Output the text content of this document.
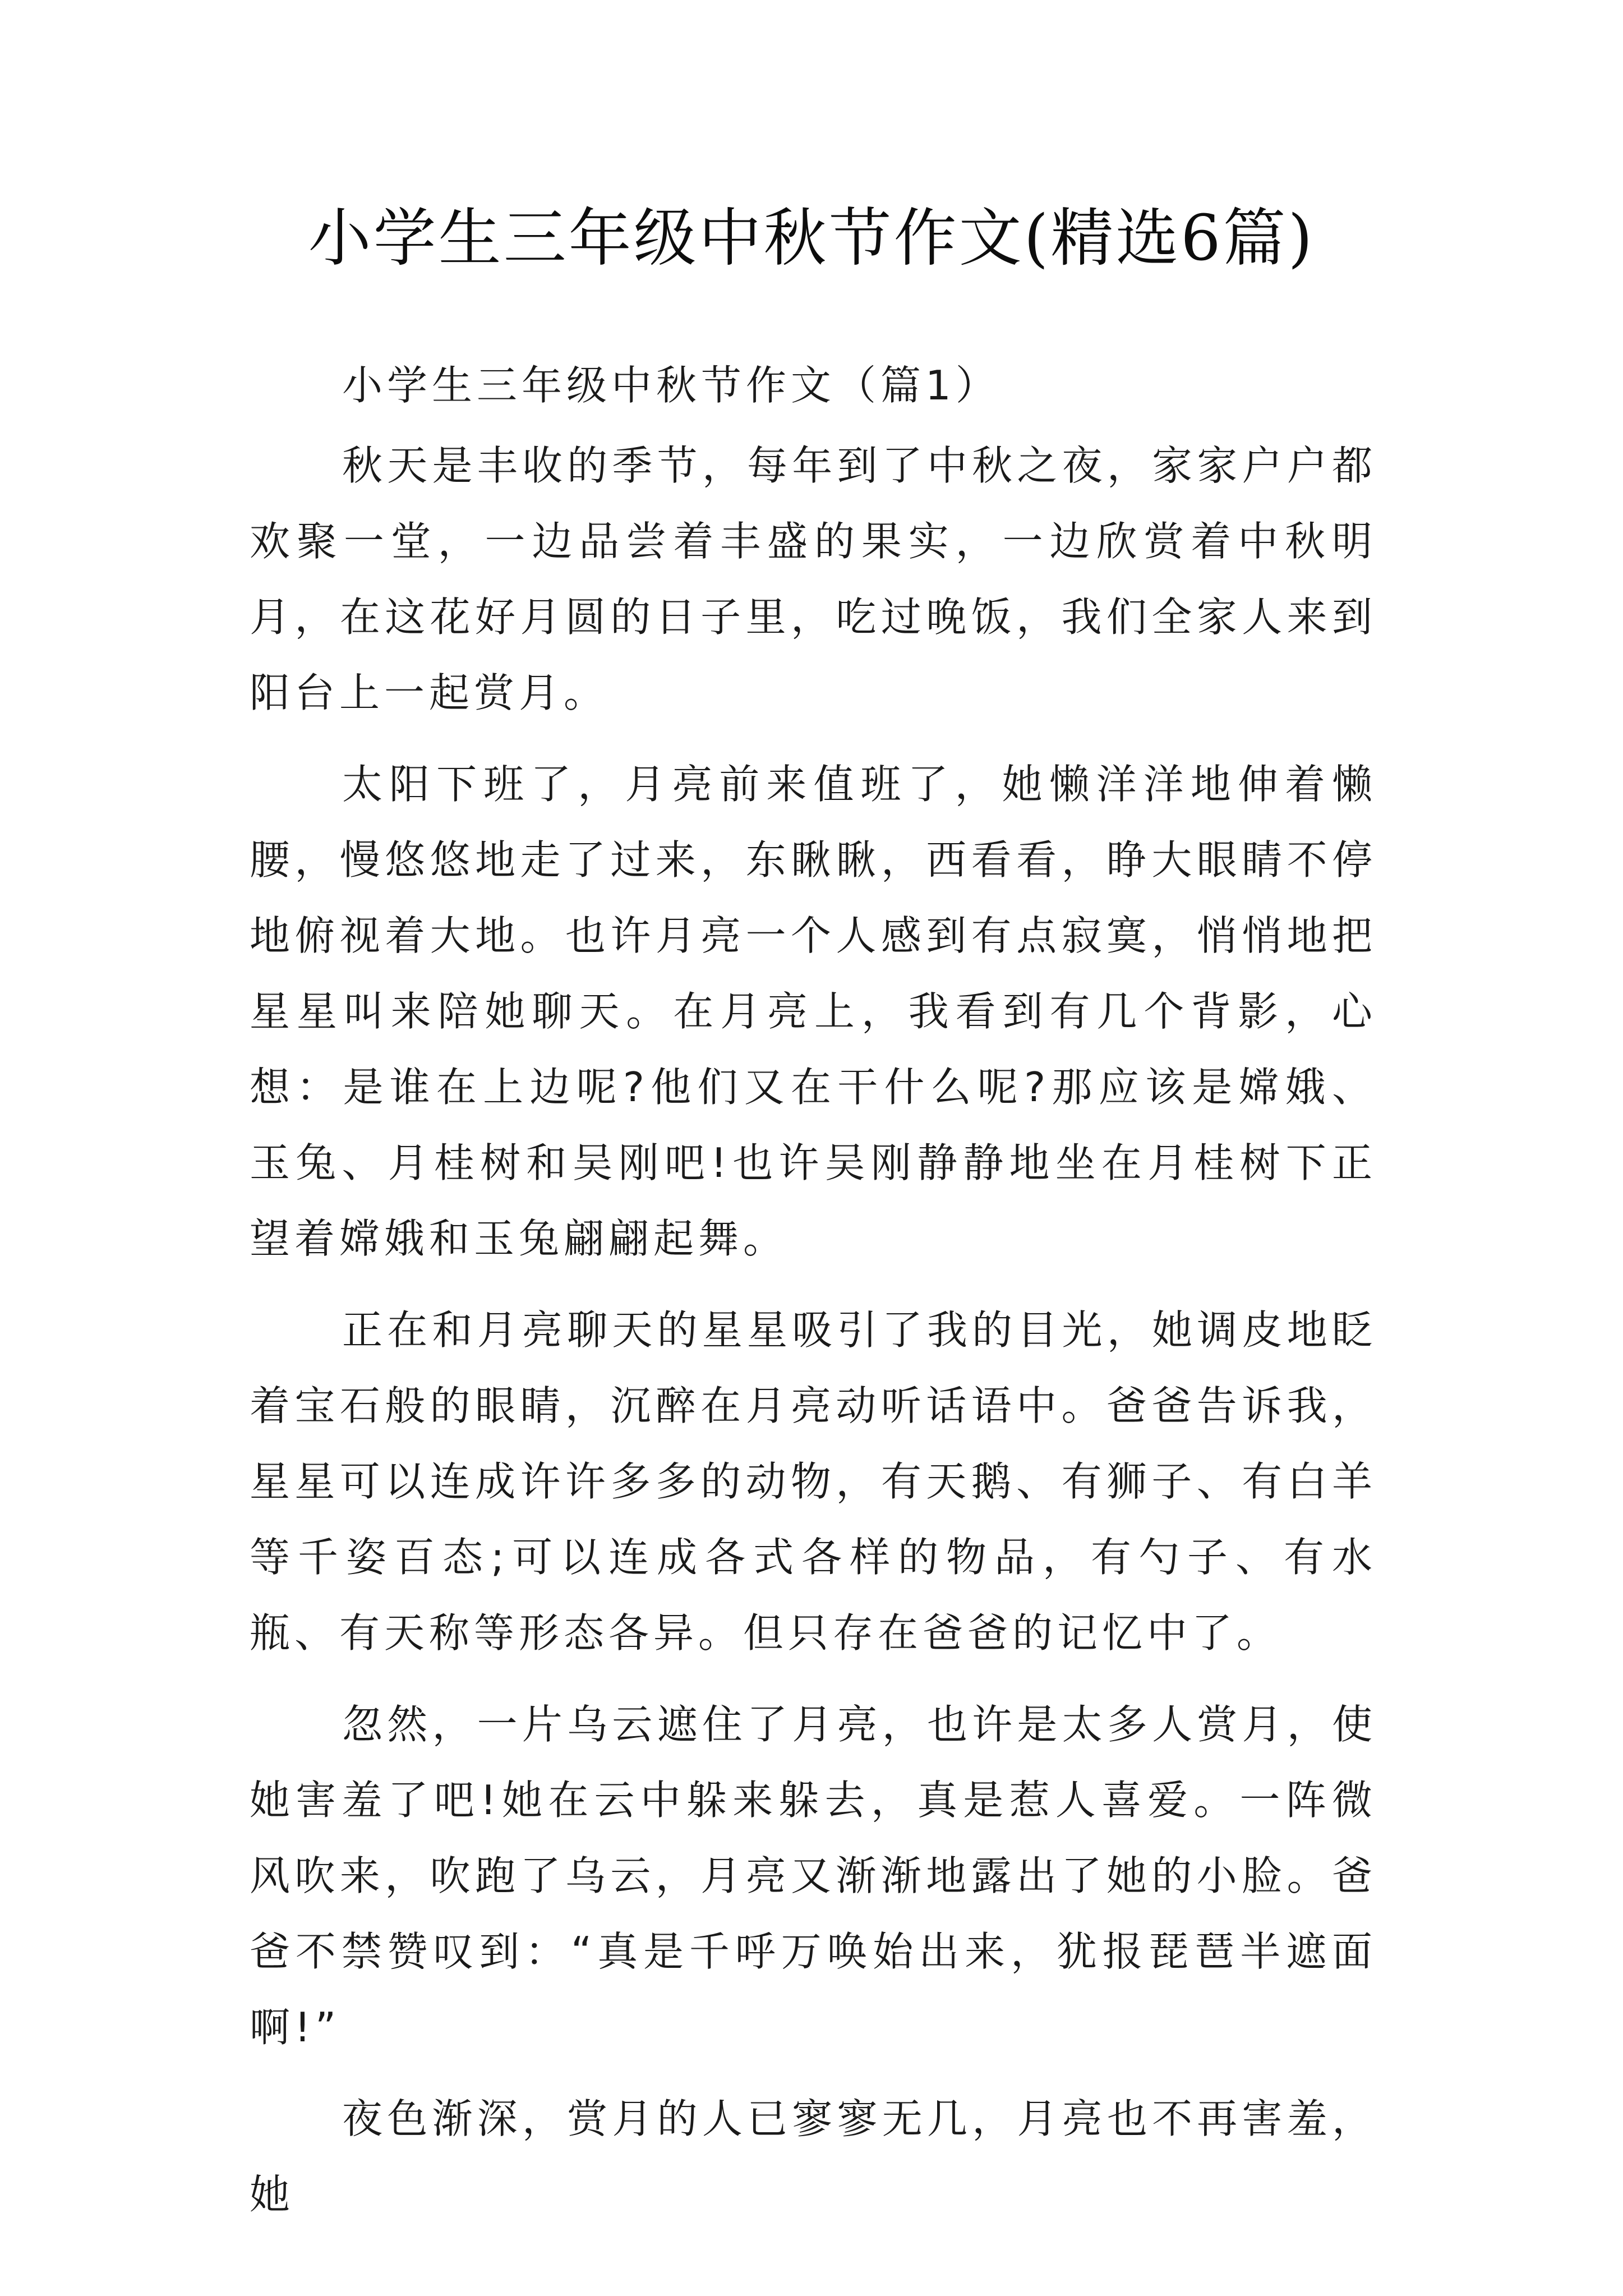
小学生三年级中秋节作文(精选6篇)

小学生三年级中秋节作文（篇1）

秋天是丰收的季节，每年到了中秋之夜，家家户户都欢聚一堂，一边品尝着丰盛的果实，一边欣赏着中秋明月，在这花好月圆的日子里，吃过晚饭，我们全家人来到阳台上一起赏月。

太阳下班了，月亮前来值班了，她懒洋洋地伸着懒腰，慢悠悠地走了过来，东瞅瞅，西看看，睁大眼睛不停地俯视着大地。也许月亮一个人感到有点寂寞，悄悄地把星星叫来陪她聊天。在月亮上，我看到有几个背影，心想：是谁在上边呢?他们又在干什么呢?那应该是嫦娥、玉兔、月桂树和吴刚吧!也许吴刚静静地坐在月桂树下正望着嫦娥和玉兔翩翩起舞。

正在和月亮聊天的星星吸引了我的目光，她调皮地眨着宝石般的眼睛，沉醉在月亮动听话语中。爸爸告诉我，星星可以连成许许多多的动物，有天鹅、有狮子、有白羊等千姿百态;可以连成各式各样的物品，有勺子、有水瓶、有天称等形态各异。但只存在爸爸的记忆中了。

忽然，一片乌云遮住了月亮，也许是太多人赏月，使她害羞了吧!她在云中躲来躲去，真是惹人喜爱。一阵微风吹来，吹跑了乌云，月亮又渐渐地露出了她的小脸。爸爸不禁赞叹到：“真是千呼万唤始出来，犹报琵琶半遮面啊!”

夜色渐深，赏月的人已寥寥无几，月亮也不再害羞，她
